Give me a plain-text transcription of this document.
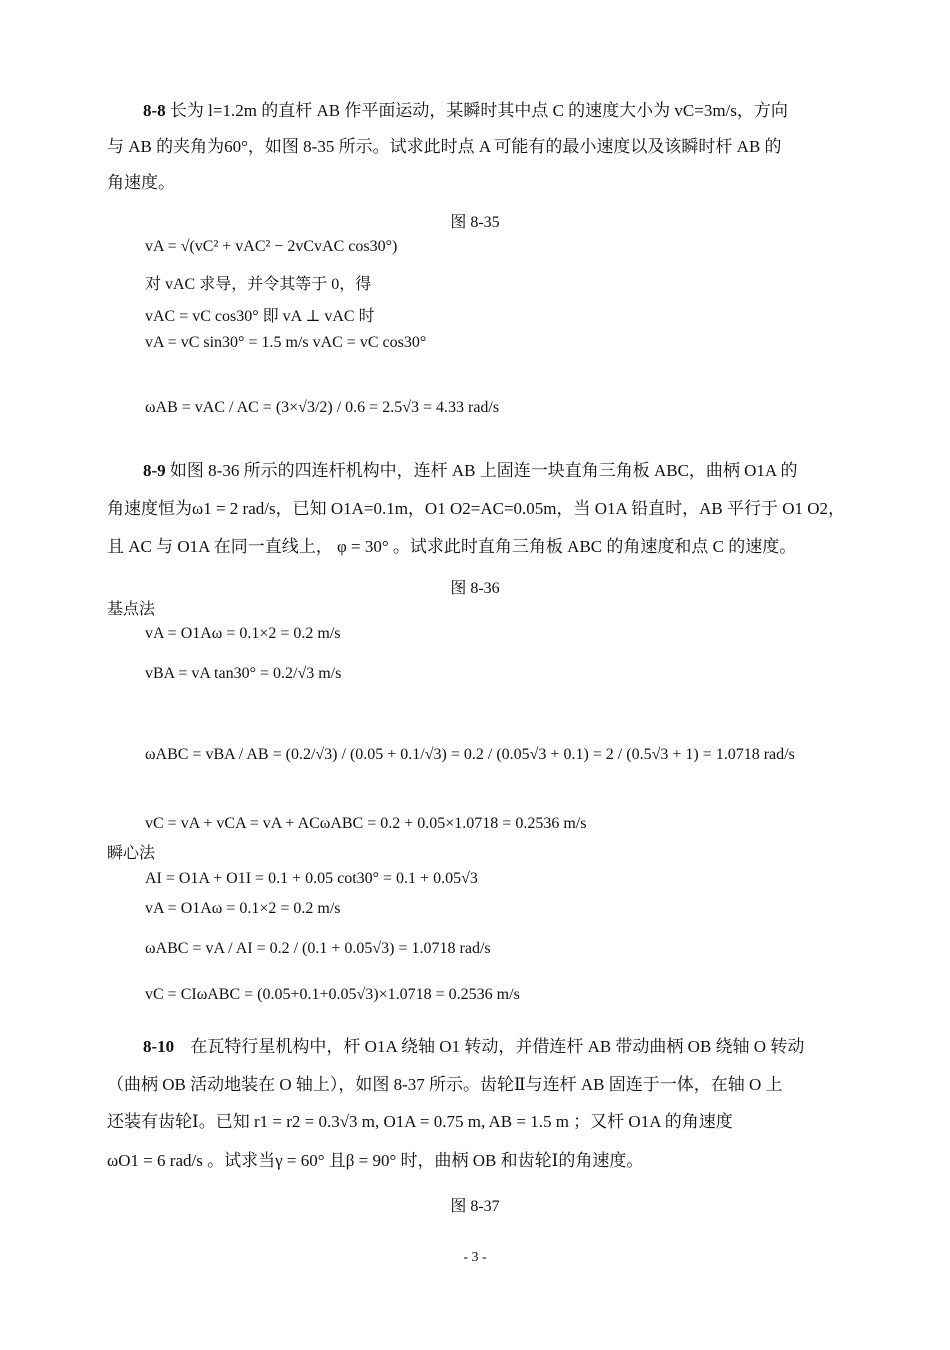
8-8 长为 l=1.2m 的直杆 AB 作平面运动，某瞬时其中点 C 的速度大小为 vC=3m/s，方向
与 AB 的夹角为60°，如图 8-35 所示。试求此时点 A 可能有的最小速度以及该瞬时杆 AB 的
角速度。
图 8-35
vA = √(vC² + vAC² − 2vCvAC cos30°)
对 vAC 求导，并令其等于 0，得
vAC = vC cos30° 即 vA ⊥ vAC 时
vA = vC sin30° = 1.5 m/s vAC = vC cos30°
ωAB = vAC / AC = (3×√3/2) / 0.6 = 2.5√3 = 4.33 rad/s
8-9 如图 8-36 所示的四连杆机构中，连杆 AB 上固连一块直角三角板 ABC，曲柄 O1A 的
角速度恒为ω1 = 2 rad/s，已知 O1A=0.1m，O1 O2=AC=0.05m，当 O1A 铅直时，AB 平行于 O1 O2，
且 AC 与 O1A 在同一直线上， φ = 30° 。试求此时直角三角板 ABC 的角速度和点 C 的速度。
图 8-36
基点法
vA = O1Aω = 0.1×2 = 0.2 m/s
vBA = vA tan30° = 0.2/√3 m/s
ωABC = vBA / AB = (0.2/√3) / (0.05 + 0.1/√3) = 0.2 / (0.05√3 + 0.1) = 2 / (0.5√3 + 1) = 1.0718 rad/s
vC = vA + vCA = vA + ACωABC = 0.2 + 0.05×1.0718 = 0.2536 m/s
瞬心法
AI = O1A + O1I = 0.1 + 0.05 cot30° = 0.1 + 0.05√3
vA = O1Aω = 0.1×2 = 0.2 m/s
ωABC = vA / AI = 0.2 / (0.1 + 0.05√3) = 1.0718 rad/s
vC = CIωABC = (0.05+0.1+0.05√3)×1.0718 = 0.2536 m/s
8-10 在瓦特行星机构中，杆 O1A 绕轴 O1 转动，并借连杆 AB 带动曲柄 OB 绕轴 O 转动
（曲柄 OB 活动地装在 O 轴上），如图 8-37 所示。齿轮Ⅱ与连杆 AB 固连于一体，在轴 O 上
还装有齿轮Ⅰ。已知 r1 = r2 = 0.3√3 m, O1A = 0.75 m, AB = 1.5 m ；又杆 O1A 的角速度
ωO1 = 6 rad/s 。试求当γ = 60° 且β = 90° 时，曲柄 OB 和齿轮Ⅰ的角速度。
图 8-37
- 3 -
